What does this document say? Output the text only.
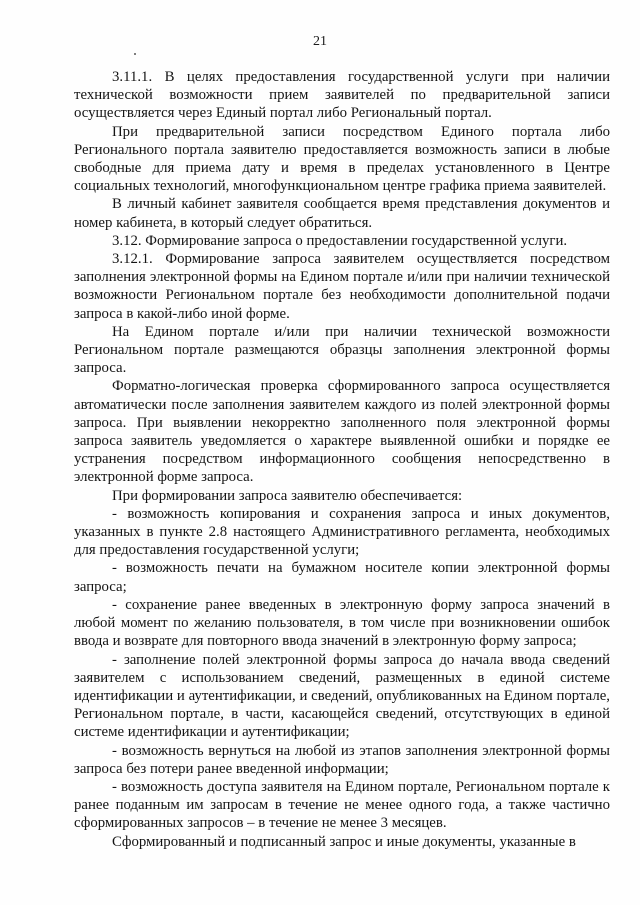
21

3.11.1. В целях предоставления государственной услуги при наличии технической возможности прием заявителей по предварительной записи осуществляется через Единый портал либо Региональный портал.

При предварительной записи посредством Единого портала либо Регионального портала заявителю предоставляется возможность записи в любые свободные для приема дату и время в пределах установленного в Центре социальных технологий, многофункциональном центре графика приема заявителей.

В личный кабинет заявителя сообщается время представления документов и номер кабинета, в который следует обратиться.

3.12. Формирование запроса о предоставлении государственной услуги.

3.12.1. Формирование запроса заявителем осуществляется посредством заполнения электронной формы на Едином портале и/или при наличии технической возможности Региональном портале без необходимости дополнительной подачи запроса в какой-либо иной форме.

На Едином портале и/или при наличии технической возможности Региональном портале размещаются образцы заполнения электронной формы запроса.

Форматно-логическая проверка сформированного запроса осуществляется автоматически после заполнения заявителем каждого из полей электронной формы запроса. При выявлении некорректно заполненного поля электронной формы запроса заявитель уведомляется о характере выявленной ошибки и порядке ее устранения посредством информационного сообщения непосредственно в электронной форме запроса.

При формировании запроса заявителю обеспечивается:

- возможность копирования и сохранения запроса и иных документов, указанных в пункте 2.8 настоящего Административного регламента, необходимых для предоставления государственной услуги;

- возможность печати на бумажном носителе копии электронной формы запроса;

- сохранение ранее введенных в электронную форму запроса значений в любой момент по желанию пользователя, в том числе при возникновении ошибок ввода и возврате для повторного ввода значений в электронную форму запроса;

- заполнение полей электронной формы запроса до начала ввода сведений заявителем с использованием сведений, размещенных в единой системе идентификации и аутентификации, и сведений, опубликованных на Едином портале, Региональном портале, в части, касающейся сведений, отсутствующих в единой системе идентификации и аутентификации;

- возможность вернуться на любой из этапов заполнения электронной формы запроса без потери ранее введенной информации;

- возможность доступа заявителя на Едином портале, Региональном портале к ранее поданным им запросам в течение не менее одного года, а также частично сформированных запросов – в течение не менее 3 месяцев.

Сформированный и подписанный запрос и иные документы, указанные в
